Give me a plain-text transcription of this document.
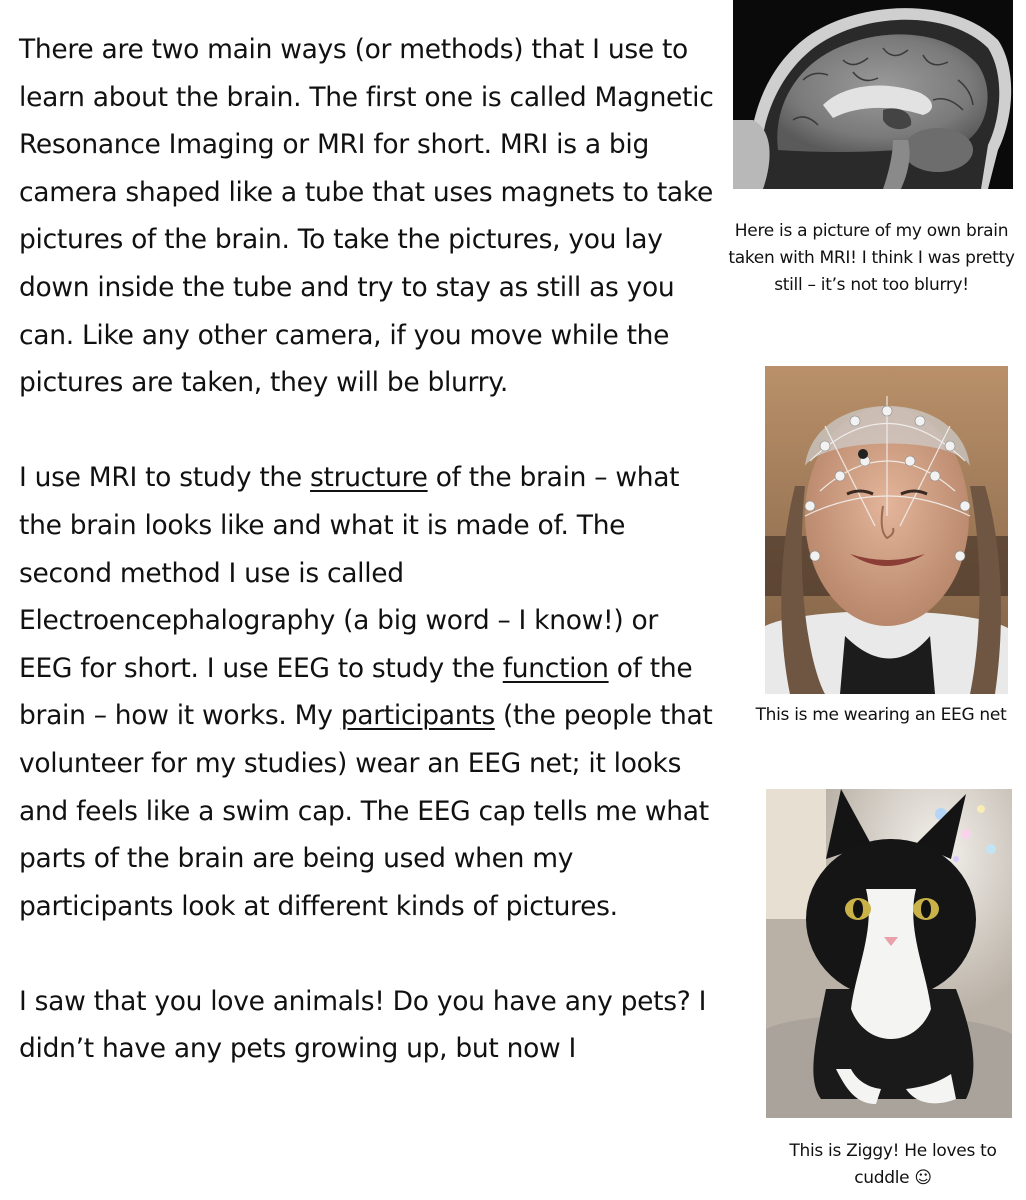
There are two main ways (or methods) that I use to learn about the brain. The first one is called Magnetic Resonance Imaging or MRI for short. MRI is a big camera shaped like a tube that uses magnets to take pictures of the brain. To take the pictures, you lay down inside the tube and try to stay as still as you can. Like any other camera, if you move while the pictures are taken, they will be blurry.

I use MRI to study the structure of the brain – what the brain looks like and what it is made of. The second method I use is called Electroencephalography (a big word – I know!) or EEG for short. I use EEG to study the function of the brain – how it works. My participants (the people that volunteer for my studies) wear an EEG net; it looks and feels like a swim cap. The EEG cap tells me what parts of the brain are being used when my participants look at different kinds of pictures.

I saw that you love animals! Do you have any pets? I didn’t have any pets growing up, but now I

Here is a picture of my own brain taken with MRI! I think I was pretty still – it’s not too blurry!

This is me wearing an EEG net

This is Ziggy! He loves to cuddle ☺
